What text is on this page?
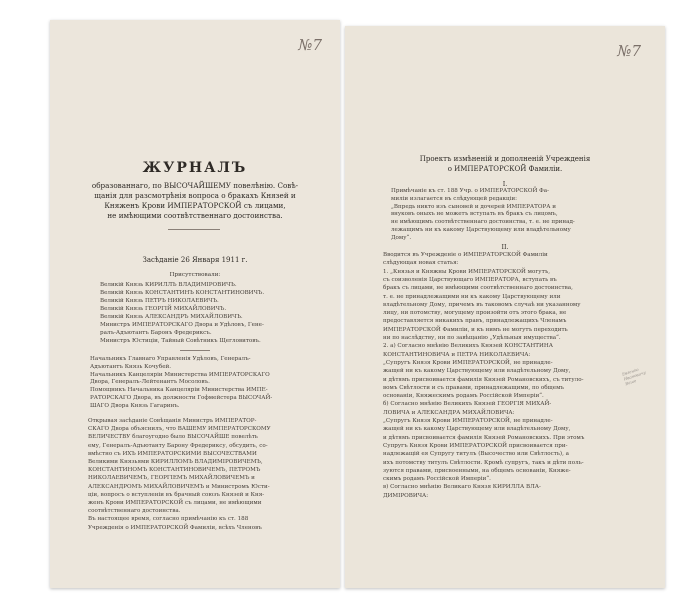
№7
ЖУРНАЛЪ
образованнаго, по ВЫСОЧАЙШЕМУ повелѣнію. Совѣ-
щанія для разсмотрѣнія вопроса о бракахъ Князей и
Княженъ Крови ИМПЕРАТОРСКОЙ съ лицами,
не имѣющими соотвѣтственнаго достоинства.
Засѣданіе 26 Января 1911 г.
Присутствовали:
Великій Князь КИРИЛЛЪ ВЛАДИМІРОВИЧЪ.
Великій Князь КОНСТАНТИНЪ КОНСТАНТИНОВИЧЪ.
Великій Князь ПЕТРЪ НИКОЛАЕВИЧЪ.
Великій Князь ГЕОРГІЙ МИХАЙЛОВИЧЪ.
Великій Князь АЛЕКСАНДРЪ МИХАЙЛОВИЧЪ.
Министръ ИМПЕРАТОРСКАГО Двора и Удѣловъ, Гене-
ралъ-Адъютантъ Баронъ Фредериксъ.
Министръ Юстиціи, Тайный Совѣтникъ Щегловитовъ.
Начальникъ Главнаго Управленія Удѣловъ, Генералъ-
Адъютантъ Князь Кочубей.
Начальникъ Канцеляріи Министерства ИМПЕРАТОРСКАГО
Двора, Генералъ-Лейтенантъ Мосоловъ.
Помощникъ Начальника Канцеляріи Министерства ИМПЕ-
РАТОРСКАГО Двора, въ должности Гофмейстера ВЫСОЧАЙ-
ШАГО Двора Князь Гагаринъ.
Открывая засѣданіе Совѣщанія Министръ ИМПЕРАТОР-
СКАГО Двора объяснилъ, что ВАШЕМУ ИМПЕРАТОРСКОМУ
ВЕЛИЧЕСТВУ благоугодно было ВЫСОЧАЙШЕ повелѣть
ему, Генералъ-Адъютанту Барону Фредериксу, обсудить, со-
вмѣстно съ ИХЪ ИМПЕРАТОРСКИМИ ВЫСОЧЕСТВАМИ
Великими Князьями КИРИЛЛОМЪ ВЛАДИМІРОВИЧЕМЪ,
КОНСТАНТИНОМЪ КОНСТАНТИНОВИЧЕМЪ, ПЕТРОМЪ
НИКОЛАЕВИЧЕМЪ, ГЕОРГІЕМЪ МИХАЙЛОВИЧЕМЪ и
АЛЕКСАНДРОМЪ МИХАЙЛОВИЧЕМЪ и Министромъ Юсти-
ціи, вопросъ о вступленіи въ брачный союзъ Князей и Кня-
женъ Крови ИМПЕРАТОРСКОЙ съ лицами, не имѣющими
соотвѣтственнаго достоинства.
Въ настоящее время, согласно примѣчанію къ ст. 188
Учрежденія о ИМПЕРАТОРСКОЙ Фамиліи, всѣхъ Членовъ
№7
Проектъ измѣненій и дополненій Учрежденія
о ИМПЕРАТОРСКОЙ Фамиліи.
I.
Примѣчаніе къ ст. 188 Учр. о ИМПЕРАТОРСКОЙ Фа-
миліи излагается въ слѣдующей редакціи:
„Впредь никто изъ сыновей и дочерей ИМПЕРАТОРА и
внуковъ оныхъ не можетъ вступать въ бракъ съ лицомъ,
не имѣющимъ соотвѣтственнаго достоинства, т. е. не принад-
лежащимъ ни къ какому Царствующему или владѣтельному
Дому“.
II.
Вводится въ Учрежденіе о ИМПЕРАТОРСКОЙ Фамиліи
слѣдующая новая статья:
1. „Князья и Княжны Крови ИМПЕРАТОРСКОЙ могутъ,
съ соизволенія Царствующаго ИМПЕРАТОРА, вступать въ
бракъ съ лицами, не имѣющими соотвѣтственнаго достоинства,
т. е. не принадлежащими ни къ какому Царствующему или
владѣтельному Дому, причемъ въ таковомъ случаѣ ни указанному
лицу, ни потомству, могущему произойти отъ этого брака, не
предоставляется никакихъ правъ, принадлежащихъ Членамъ
ИМПЕРАТОРСКОЙ Фамиліи, и къ нимъ не могутъ переходить
ни по наслѣдству, ни по завѣщанію „Удѣльныя имущества“.
2. а) Согласно мнѣнію Великихъ Князей КОНСТАНТИНА
КОНСТАНТИНОВИЧА и ПЕТРА НИКОЛАЕВИЧА:
„Супругъ Князя Крови ИМПЕРАТОРСКОЙ, не принадле-
жащей ни къ какому Царствующему или владѣтельному Дому,
и дѣтямъ присвоивается фамилія Князей Романовскихъ, съ титуло-
вомъ Свѣтлости и съ правами, принадлежащими, по общемъ
основаніи, Княжескимъ родамъ Россійской Имперіи“.
б) Согласно мнѣнію Великихъ Князей ГЕОРГІЯ МИХАЙ-
ЛОВИЧА и АЛЕКСАНДРА МИХАЙЛОВИЧА:
„Супругъ Князя Крови ИМПЕРАТОРСКОЙ, не принадле-
жащей ни къ какому Царствующему или владѣтельному Дому,
и дѣтямъ присвоивается фамилія Князей Романовскихъ. При этомъ
Супругъ Князя Крови ИМПЕРАТОРСКОЙ присвоивается при-
надлежащій ея Супругу титулъ (Высочество или Свѣтлость), а
ихъ потомству титулъ Свѣтлости. Кромѣ супругъ, такъ и дѣти поль-
зуются правами, присвоенными, на общемъ основаніи, Княже-
скимъ родамъ Россійской Имперіи“.
в) Согласно мнѣнію Великаго Князя КИРИЛЛА ВЛА-
ДИМІРОВИЧА:
Евгенію Ивановичу Ваше
